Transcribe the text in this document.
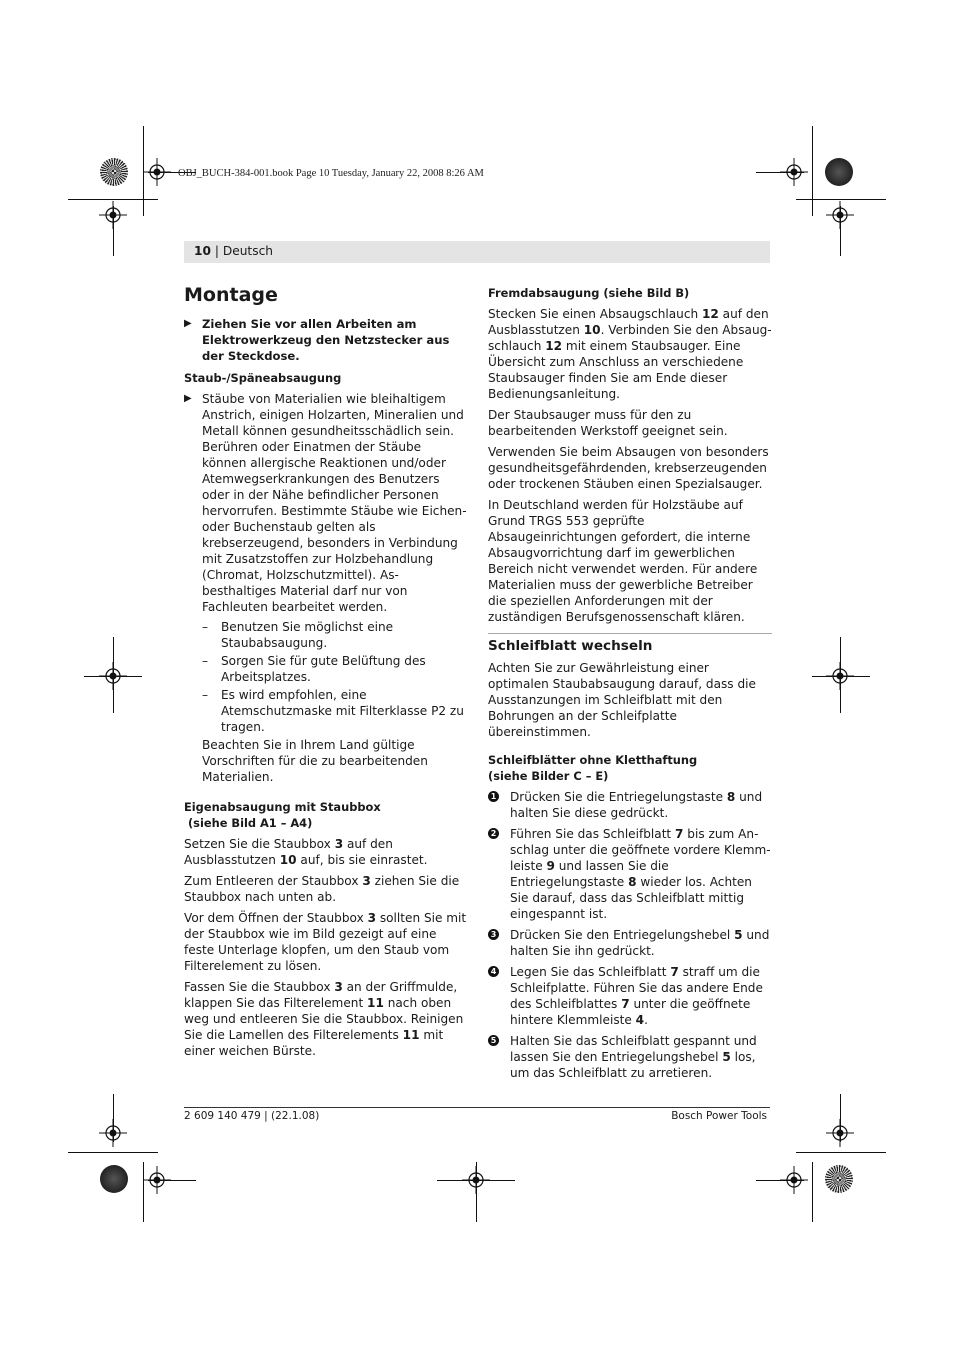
OBJ_BUCH-384-001.book Page 10 Tuesday, January 22, 2008 8:26 AM
10 | Deutsch
Montage
▶ Ziehen Sie vor allen Arbeiten am Elektrowerkzeug den Netzstecker aus der Steckdose.
Staub-/Späneabsaugung
▶ Stäube von Materialien wie bleihaltigem Anstrich, einigen Holzarten, Mineralien und Metall können gesundheitsschädlich sein. Berühren oder Einatmen der Stäube können allergische Reaktionen und/oder Atemwegserkrankungen des Benutzers oder in der Nähe befindlicher Personen hervorrufen. Bestimmte Stäube wie Eichen- oder Buchenstaub gelten als krebserzeugend, besonders in Verbindung mit Zusatzstoffen zur Holzbehandlung (Chromat, Holzschutzmittel). Asbesthaltiges Material darf nur von Fachleuten bearbeitet werden.
– Benutzen Sie möglichst eine Staubabsaugung.
– Sorgen Sie für gute Belüftung des Arbeitsplatzes.
– Es wird empfohlen, eine Atemschutzmaske mit Filterklasse P2 zu tragen.

Beachten Sie in Ihrem Land gültige Vorschriften für die zu bearbeitenden Materialien.

Eigenabsaugung mit Staubbox
(siehe Bild A1 – A4)

Setzen Sie die Staubbox 3 auf den Ausblasstutzen 10 auf, bis sie einrastet.

Zum Entleeren der Staubbox 3 ziehen Sie die Staubbox nach unten ab.

Vor dem Öffnen der Staubbox 3 sollten Sie mit der Staubbox wie im Bild gezeigt auf eine feste Unterlage klopfen, um den Staub vom Filterelement zu lösen.

Fassen Sie die Staubbox 3 an der Griffmulde, klappen Sie das Filterelement 11 nach oben weg und entleeren Sie die Staubbox. Reinigen Sie die Lamellen des Filterelements 11 mit einer weichen Bürste.

Fremdabsaugung (siehe Bild B)

Stecken Sie einen Absaugschlauch 12 auf den Ausblasstutzen 10. Verbinden Sie den Absaugschlauch 12 mit einem Staubsauger. Eine Übersicht zum Anschluss an verschiedene Staubsauger finden Sie am Ende dieser Bedienungsanleitung.

Der Staubsauger muss für den zu bearbeitenden Werkstoff geeignet sein.

Verwenden Sie beim Absaugen von besonders gesundheitsgefährdenden, krebserzeugenden oder trockenen Stäuben einen Spezialsauger.

In Deutschland werden für Holzstäube auf Grund TRGS 553 geprüfte Absaugeinrichtungen gefordert, die interne Absaugvorrichtung darf im gewerblichen Bereich nicht verwendet werden. Für andere Materialien muss der gewerbliche Betreiber die speziellen Anforderungen mit der zuständigen Berufsgenossenschaft klären.

Schleifblatt wechseln

Achten Sie zur Gewährleistung einer optimalen Staubabsaugung darauf, dass die Ausstanzungen im Schleifblatt mit den Bohrungen an der Schleifplatte übereinstimmen.

Schleifblätter ohne Kletthaftung
(siehe Bilder C – E)
1 Drücken Sie die Entriegelungstaste 8 und halten Sie diese gedrückt.
2 Führen Sie das Schleifblatt 7 bis zum Anschlag unter die geöffnete vordere Klemmleiste 9 und lassen Sie die Entriegelungstaste 8 wieder los. Achten Sie darauf, dass das Schleifblatt mittig eingespannt ist.
3 Drücken Sie den Entriegelungshebel 5 und halten Sie ihn gedrückt.
4 Legen Sie das Schleifblatt 7 straff um die Schleifplatte. Führen Sie das andere Ende des Schleifblattes 7 unter die geöffnete hintere Klemmleiste 4.
5 Halten Sie das Schleifblatt gespannt und lassen Sie den Entriegelungshebel 5 los, um das Schleifblatt zu arretieren.
2 609 140 479 | (22.1.08)	Bosch Power Tools
